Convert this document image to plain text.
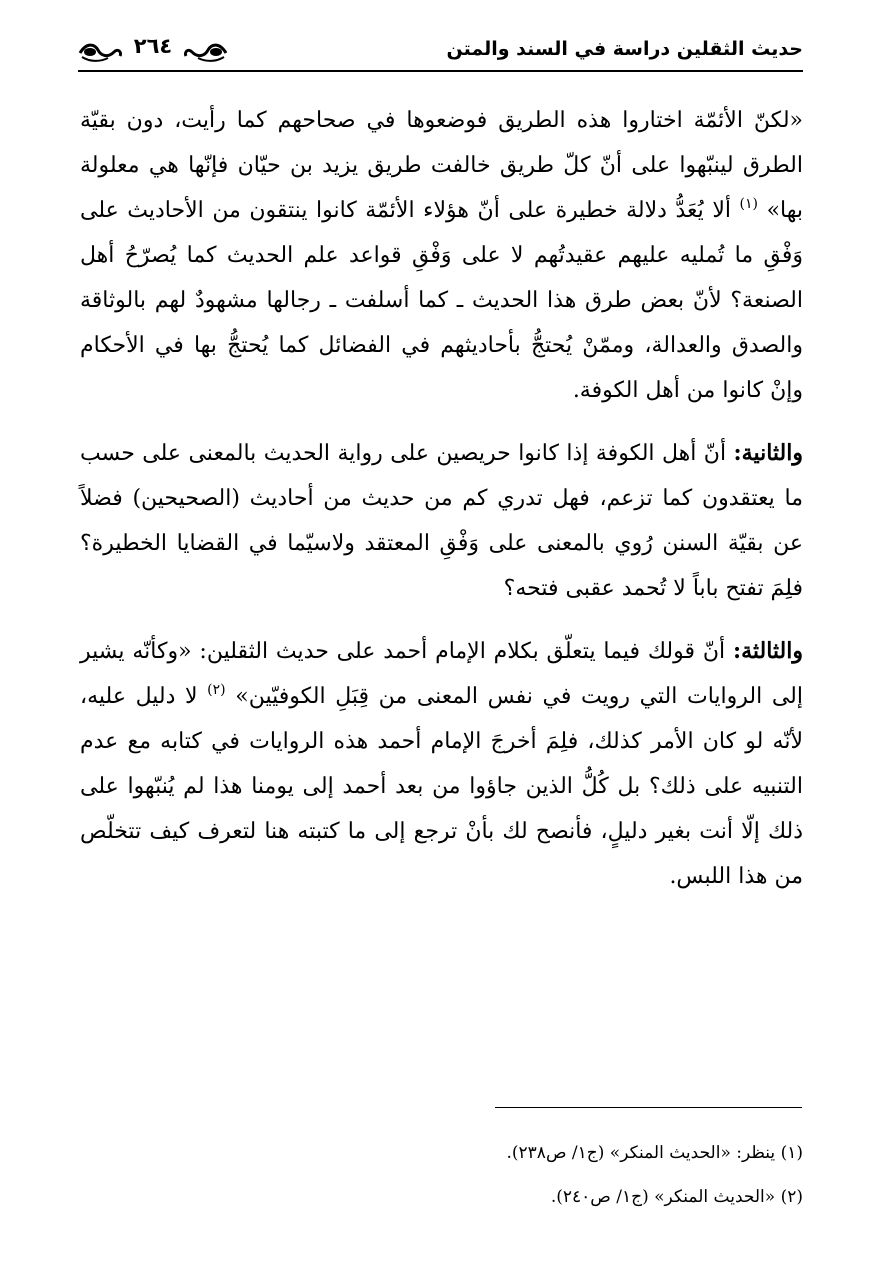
حديث الثقلين دراسة في السند والمتن
٢٦٤

«لكنّ الأئمّة اختاروا هذه الطريق فوضعوها في صحاحهم كما رأيت، دون بقيّة الطرق لينبّهوا على أنّ كلّ طريق خالفت طريق يزيد بن حيّان فإنّها هي معلولة بها» $^{(١)}$ ألا يُعَدُّ دلالة خطيرة على أنّ هؤلاء الأئمّة كانوا ينتقون من الأحاديث على وَفْقِ ما تُمليه عليهم عقيدتُهم لا على وَفْقِ قواعد علم الحديث كما يُصرّحُ أهل الصنعة؟ لأنّ بعض طرق هذا الحديث ـ كما أسلفت ـ رجالها مشهودٌ لهم بالوثاقة والصدق والعدالة، وممّنْ يُحتجُّ بأحاديثهم في الفضائل كما يُحتجُّ بها في الأحكام وإنْ كانوا من أهل الكوفة.

والثانية: أنّ أهل الكوفة إذا كانوا حريصين على رواية الحديث بالمعنى على حسب ما يعتقدون كما تزعم، فهل تدري كم من حديث من أحاديث (الصحيحين) فضلاً عن بقيّة السنن رُوي بالمعنى على وَفْقِ المعتقد ولاسيّما في القضايا الخطيرة؟ فلِمَ تفتح باباً لا تُحمد عقبى فتحه؟

والثالثة: أنّ قولك فيما يتعلّق بكلام الإمام أحمد على حديث الثقلين: «وكأنّه يشير إلى الروايات التي رويت في نفس المعنى من قِبَلِ الكوفيّين» $^{(٢)}$ لا دليل عليه، لأنّه لو كان الأمر كذلك، فلِمَ أخرجَ الإمام أحمد هذه الروايات في كتابه مع عدم التنبيه على ذلك؟ بل كُلُّ الذين جاؤوا من بعد أحمد إلى يومنا هذا لم يُنبّهوا على ذلك إلّا أنت بغير دليلٍ، فأنصح لك بأنْ ترجع إلى ما كتبته هنا لتعرف كيف تتخلّص من هذا اللبس.

(١) ينظر: «الحديث المنكر» (ج١/ ص٢٣٨).
(٢) «الحديث المنكر» (ج١/ ص٢٤٠).
